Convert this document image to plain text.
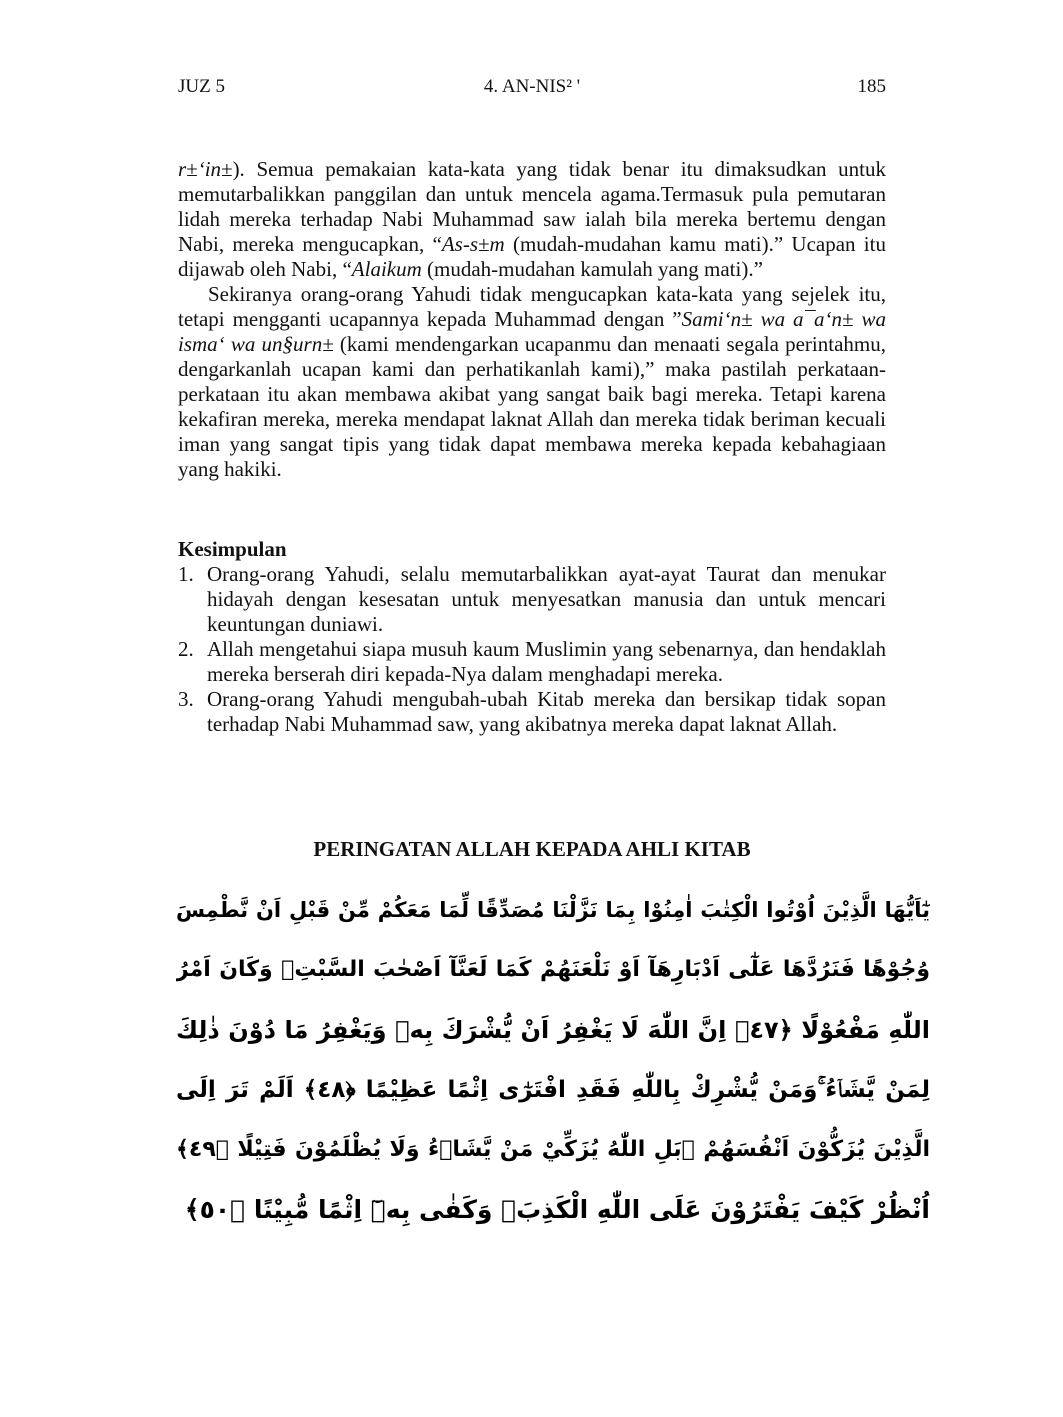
JUZ 5	4. AN-NIS² '	185

r±‘in±). Semua pemakaian kata-kata yang tidak benar itu dimaksudkan untuk memutarbalikkan panggilan dan untuk mencela agama.Termasuk pula pemutaran lidah mereka terhadap Nabi Muhammad saw ialah bila mereka bertemu dengan Nabi, mereka mengucapkan, “As-s±m (mudah-mudahan kamu mati).” Ucapan itu dijawab oleh Nabi, “Alaikum (mudah-mudahan kamulah yang mati).”

Sekiranya orang-orang Yahudi tidak mengucapkan kata-kata yang sejelek itu, tetapi mengganti ucapannya kepada Muhammad dengan ”Sami‘n± wa a¯a‘n± wa isma‘ wa un§urn± (kami mendengarkan ucapanmu dan menaati segala perintahmu, dengarkanlah ucapan kami dan perhatikanlah kami),” maka pastilah perkataan-perkataan itu akan membawa akibat yang sangat baik bagi mereka. Tetapi karena kekafiran mereka, mereka mendapat laknat Allah dan mereka tidak beriman kecuali iman yang sangat tipis yang tidak dapat membawa mereka kepada kebahagiaan yang hakiki.

Kesimpulan
1. Orang-orang Yahudi, selalu memutarbalikkan ayat-ayat Taurat dan menukar hidayah dengan kesesatan untuk menyesatkan manusia dan untuk mencari keuntungan duniawi.
2. Allah mengetahui siapa musuh kaum Muslimin yang sebenarnya, dan hendaklah mereka berserah diri kepada-Nya dalam menghadapi mereka.
3. Orang-orang Yahudi mengubah-ubah Kitab mereka dan bersikap tidak sopan terhadap Nabi Muhammad saw, yang akibatnya mereka dapat laknat Allah.
PERINGATAN ALLAH KEPADA AHLI KITAB
يٰٓاَيُّهَا الَّذِيْنَ اُوْتُوا الْكِتٰبَ اٰمِنُوْا بِمَا نَزَّلْنَا مُصَدِّقًا لِّمَا مَعَكُمْ مِّنْ قَبْلِ اَنْ نَّطْمِسَ
وُجُوْهًا فَنَرُدَّهَا عَلٰٓى اَدْبَارِهَآ اَوْ نَلْعَنَهُمْ كَمَا لَعَنَّآ اَصْحٰبَ السَّبْتِۗ وَكَانَ اَمْرُ
اللّٰهِ مَفْعُوْلًا ﴿٤٧﴾ اِنَّ اللّٰهَ لَا يَغْفِرُ اَنْ يُّشْرَكَ بِهٖ وَيَغْفِرُ مَا دُوْنَ ذٰلِكَ
لِمَنْ يَّشَاۤءُ ۚوَمَنْ يُّشْرِكْ بِاللّٰهِ فَقَدِ افْتَرٰٓى اِثْمًا عَظِيْمًا ﴿٤٨﴾ اَلَمْ تَرَ اِلَى
الَّذِيْنَ يُزَكُّوْنَ اَنْفُسَهُمْ ۗبَلِ اللّٰهُ يُزَكِّيْ مَنْ يَّشَاۤءُ وَلَا يُظْلَمُوْنَ فَتِيْلًا ﴿٤٩﴾
اُنْظُرْ كَيْفَ يَفْتَرُوْنَ عَلَى اللّٰهِ الْكَذِبَۗ وَكَفٰى بِهٖٓ اِثْمًا مُّبِيْنًا ﴿٥٠﴾
